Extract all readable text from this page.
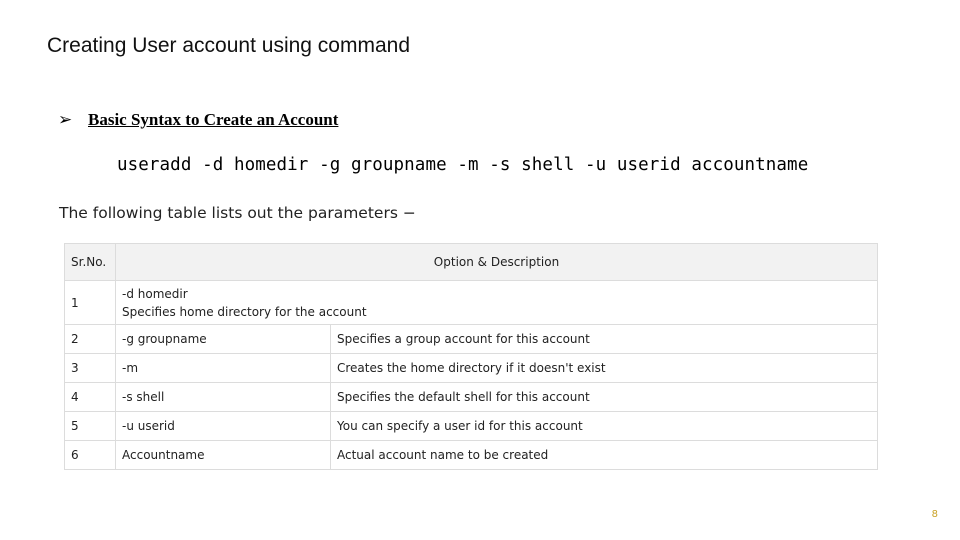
Creating User account using command
➢ Basic Syntax to Create an Account
useradd -d homedir -g groupname -m -s shell -u userid accountname
The following table lists out the parameters −
Sr.No.	Option & Description	
1	-d homedir
Specifies home directory for the account	

2	-g groupname	Specifies a group account for this account
3	-m	Creates the home directory if it doesn't exist
4	-s shell	Specifies the default shell for this account
5	-u userid	You can specify a user id for this account
6	Accountname	Actual account name to be created
8
